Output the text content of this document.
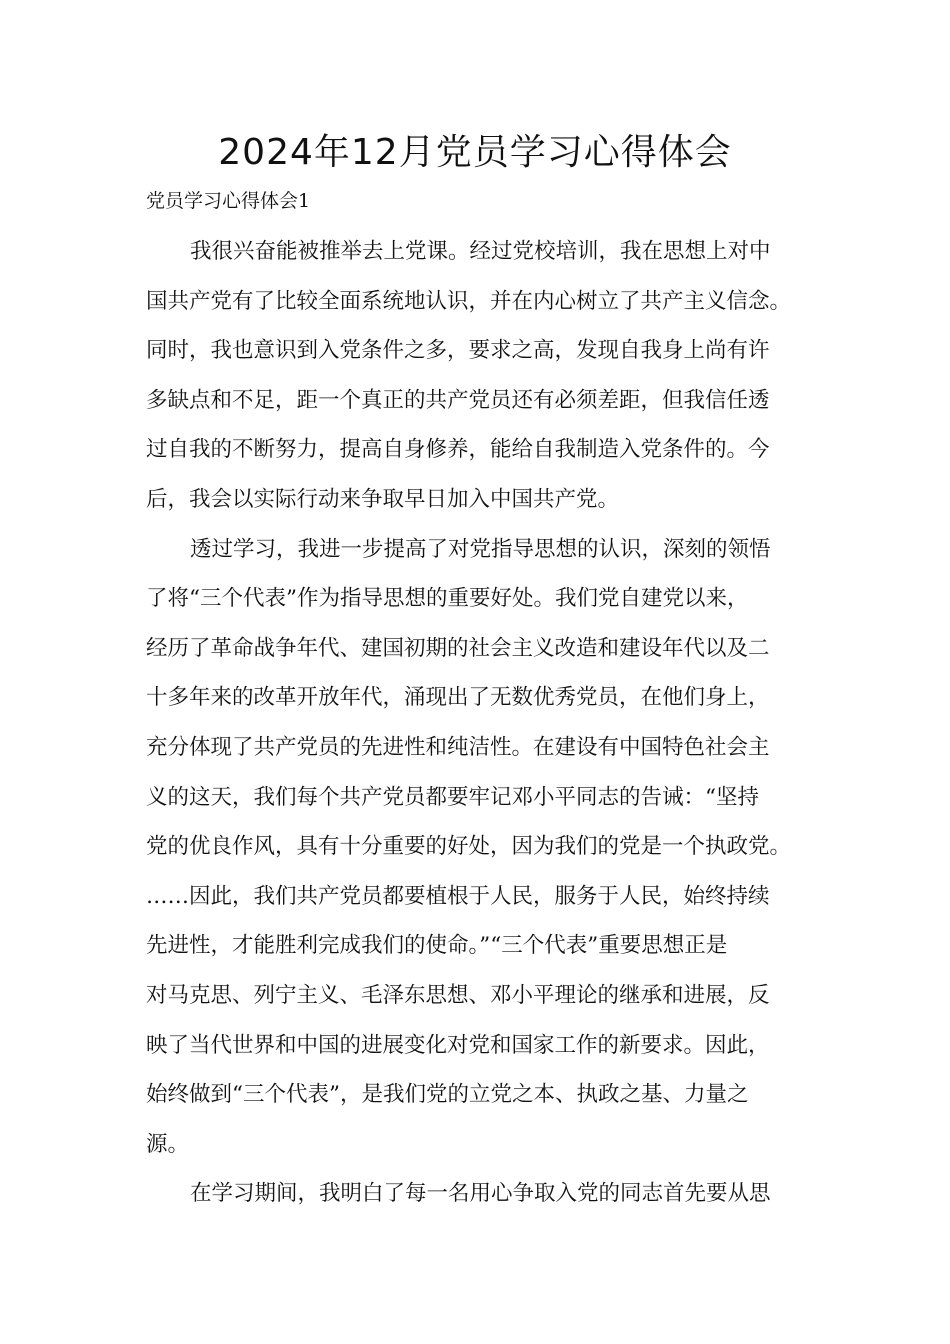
2024年12月党员学习心得体会

党员学习心得体会1

我很兴奋能被推举去上党课。经过党校培训，我在思想上对中

国共产党有了比较全面系统地认识，并在内心树立了共产主义信念。

同时，我也意识到入党条件之多，要求之高，发现自我身上尚有许

多缺点和不足，距一个真正的共产党员还有必须差距，但我信任透

过自我的不断努力，提高自身修养，能给自我制造入党条件的。今

后，我会以实际行动来争取早日加入中国共产党。

透过学习，我进一步提高了对党指导思想的认识，深刻的领悟

了将“三个代表”作为指导思想的重要好处。我们党自建党以来，

经历了革命战争年代、建国初期的社会主义改造和建设年代以及二

十多年来的改革开放年代，涌现出了无数优秀党员，在他们身上，

充分体现了共产党员的先进性和纯洁性。在建设有中国特色社会主

义的这天，我们每个共产党员都要牢记邓小平同志的告诫：“坚持

党的优良作风，具有十分重要的好处，因为我们的党是一个执政党。

……因此，我们共产党员都要植根于人民，服务于人民，始终持续

先进性，才能胜利完成我们的使命。”“三个代表”重要思想正是

对马克思、列宁主义、毛泽东思想、邓小平理论的继承和进展，反

映了当代世界和中国的进展变化对党和国家工作的新要求。因此，

始终做到“三个代表”，是我们党的立党之本、执政之基、力量之

源。

在学习期间，我明白了每一名用心争取入党的同志首先要从思
